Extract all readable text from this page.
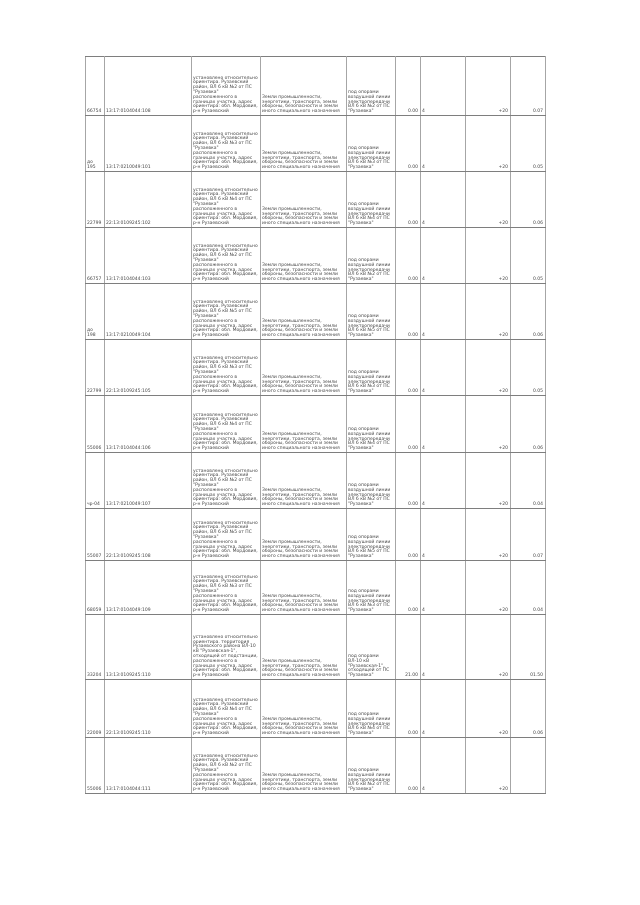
66754	13:17:0104044:108	установлено относительно ориентира. Рузаевский район, ВЛ 6 кВ №2 от ПС "Рузаевка" расположенного в границах участка, адрес ориентира: обл. Мордовия, р-н Рузаевский	Земли промышленности, энергетики, транспорта, земли обороны, безопасности и земли иного специального назначения	под опорами воздушной линии электропередачи ВЛ 6 кВ №2 от ПС "Рузаевка"	0.00	4	+20	0.07
до 195	13:17:0210049:101	установлено относительно ориентира. Рузаевский район, ВЛ 6 кВ №3 от ПС "Рузаевка" расположенного в границах участка, адрес ориентира: обл. Мордовия, р-н Рузаевский	Земли промышленности, энергетики, транспорта, земли обороны, безопасности и земли иного специального назначения	под опорами воздушной линии электропередачи ВЛ 6 кВ №3 от ПС "Рузаевка"	0.00	4	+20	0.05
22799	22:13:0109245:102	установлено относительно ориентира. Рузаевский район, ВЛ 6 кВ №4 от ПС "Рузаевка" расположенного в границах участка, адрес ориентира: обл. Мордовия, р-н Рузаевский	Земли промышленности, энергетики, транспорта, земли обороны, безопасности и земли иного специального назначения	под опорами воздушной линии электропередачи ВЛ 6 кВ №4 от ПС "Рузаевка"	0.00	4	+20	0.06
66757	13:17:0104044:103	установлено относительно ориентира. Рузаевский район, ВЛ 6 кВ №2 от ПС "Рузаевка" расположенного в границах участка, адрес ориентира: обл. Мордовия, р-н Рузаевский	Земли промышленности, энергетики, транспорта, земли обороны, безопасности и земли иного специального назначения	под опорами воздушной линии электропередачи ВЛ 6 кВ №2 от ПС "Рузаевка"	0.00	4	+20	0.05
до 198	13:17:0210049:104	установлено относительно ориентира. Рузаевский район, ВЛ 6 кВ №5 от ПС "Рузаевка" расположенного в границах участка, адрес ориентира: обл. Мордовия, р-н Рузаевский	Земли промышленности, энергетики, транспорта, земли обороны, безопасности и земли иного специального назначения	под опорами воздушной линии электропередачи ВЛ 6 кВ №5 от ПС "Рузаевка"	0.00	4	+20	0.06
22799	22:13:0109245:105	установлено относительно ориентира. Рузаевский район, ВЛ 6 кВ №3 от ПС "Рузаевка" расположенного в границах участка, адрес ориентира: обл. Мордовия, р-н Рузаевский	Земли промышленности, энергетики, транспорта, земли обороны, безопасности и земли иного специального назначения	под опорами воздушной линии электропередачи ВЛ 6 кВ №3 от ПС "Рузаевка"	0.00	4	+20	0.05
55006	13:17:0104044:106	установлено относительно ориентира. Рузаевский район, ВЛ 6 кВ №4 от ПС "Рузаевка" расположенного в границах участка, адрес ориентира: обл. Мордовия, р-н Рузаевский	Земли промышленности, энергетики, транспорта, земли обороны, безопасности и земли иного специального назначения	под опорами воздушной линии электропередачи ВЛ 6 кВ №4 от ПС "Рузаевка"	0.00	4	+20	0.06
чр-04	13:17:0210049:107	установлено относительно ориентира. Рузаевский район, ВЛ 6 кВ №2 от ПС "Рузаевка" расположенного в границах участка, адрес ориентира: обл. Мордовия, р-н Рузаевский	Земли промышленности, энергетики, транспорта, земли обороны, безопасности и земли иного специального назначения	под опорами воздушной линии электропередачи ВЛ 6 кВ №2 от ПС "Рузаевка"	0.00	4	+20	0.04
55007	22:13:0109245:108	установлено относительно ориентира. Рузаевский район, ВЛ 6 кВ №5 от ПС "Рузаевка" расположенного в границах участка, адрес ориентира: обл. Мордовия, р-н Рузаевский	Земли промышленности, энергетики, транспорта, земли обороны, безопасности и земли иного специального назначения	под опорами воздушной линии электропередачи ВЛ 6 кВ №5 от ПС "Рузаевка"	0.00	4	+20	0.07
68059	13:17:0104049:109	установлено относительно ориентира. Рузаевский район, ВЛ 6 кВ №3 от ПС "Рузаевка" расположенного в границах участка, адрес ориентира: обл. Мордовия, р-н Рузаевский	Земли промышленности, энергетики, транспорта, земли обороны, безопасности и земли иного специального назначения	под опорами воздушной линии электропередачи ВЛ 6 кВ №3 от ПС "Рузаевка"	0.00	4	+20	0.04
33204	13:13:0109245:110	установлено относительно ориентира. территория Рузаевского района ВЛ-10 кВ "Рузаевская-1", отходящей от подстанции, расположенного в границах участка, адрес ориентира: обл. Мордовия, р-н Рузаевский	Земли промышленности, энергетики, транспорта, земли обороны, безопасности и земли иного специального назначения	под опорами ВЛ-10 кВ "Рузаевская-1", отходящей от ПС "Рузаевка"	21.00	4	+20	01.50
22009	22:13:0109245:110	установлено относительно ориентира. Рузаевский район, ВЛ 6 кВ №4 от ПС "Рузаевка" расположенного в границах участка, адрес ориентира: обл. Мордовия, р-н Рузаевский	Земли промышленности, энергетики, транспорта, земли обороны, безопасности и земли иного специального назначения	под опорами воздушной линии электропередачи ВЛ 6 кВ №4 от ПС "Рузаевка"	0.00	4	+20	0.06
55006	13:17:0104044:111	установлено относительно ориентира. Рузаевский район, ВЛ 6 кВ №2 от ПС "Рузаевка" расположенного в границах участка, адрес ориентира: обл. Мордовия, р-н Рузаевский	Земли промышленности, энергетики, транспорта, земли обороны, безопасности и земли иного специального назначения	под опорами воздушной линии электропередачи ВЛ 6 кВ №2 от ПС "Рузаевка"	0.00	4	+20	
